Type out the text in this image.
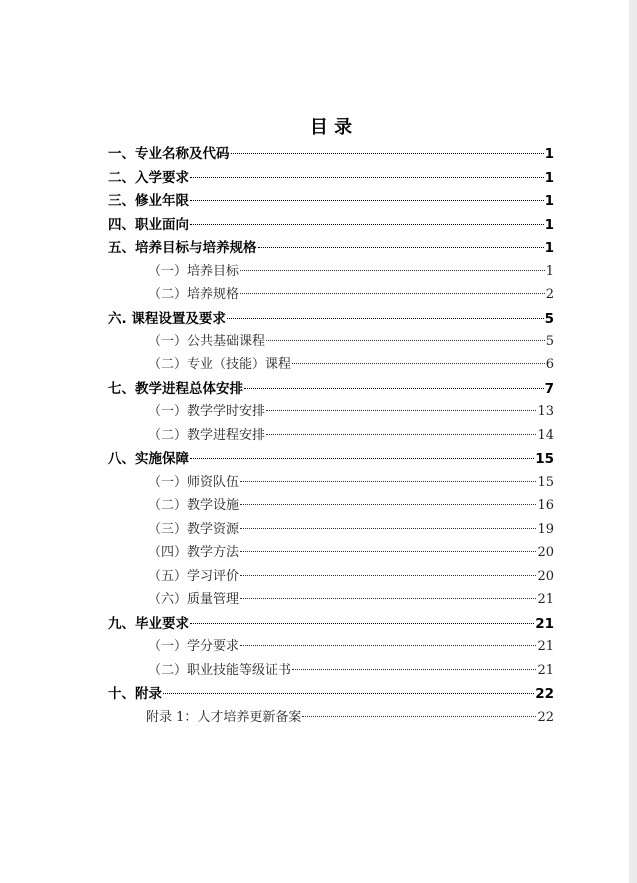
目 录
一、专业名称及代码	1
二、入学要求	1
三、修业年限	1
四、职业面向	1
五、培养目标与培养规格	1
（一）培养目标	1
（二）培养规格	2
六. 课程设置及要求	5
（一）公共基础课程	5
（二）专业（技能）课程	6
七、教学进程总体安排	7
（一）教学学时安排	13
（二）教学进程安排	14
八、实施保障	15
（一）师资队伍	15
（二）教学设施	16
（三）教学资源	19
（四）教学方法	20
（五）学习评价	20
（六）质量管理	21
九、毕业要求	21
（一）学分要求	21
（二）职业技能等级证书	21
十、附录	22
附录 1：人才培养更新备案	22
